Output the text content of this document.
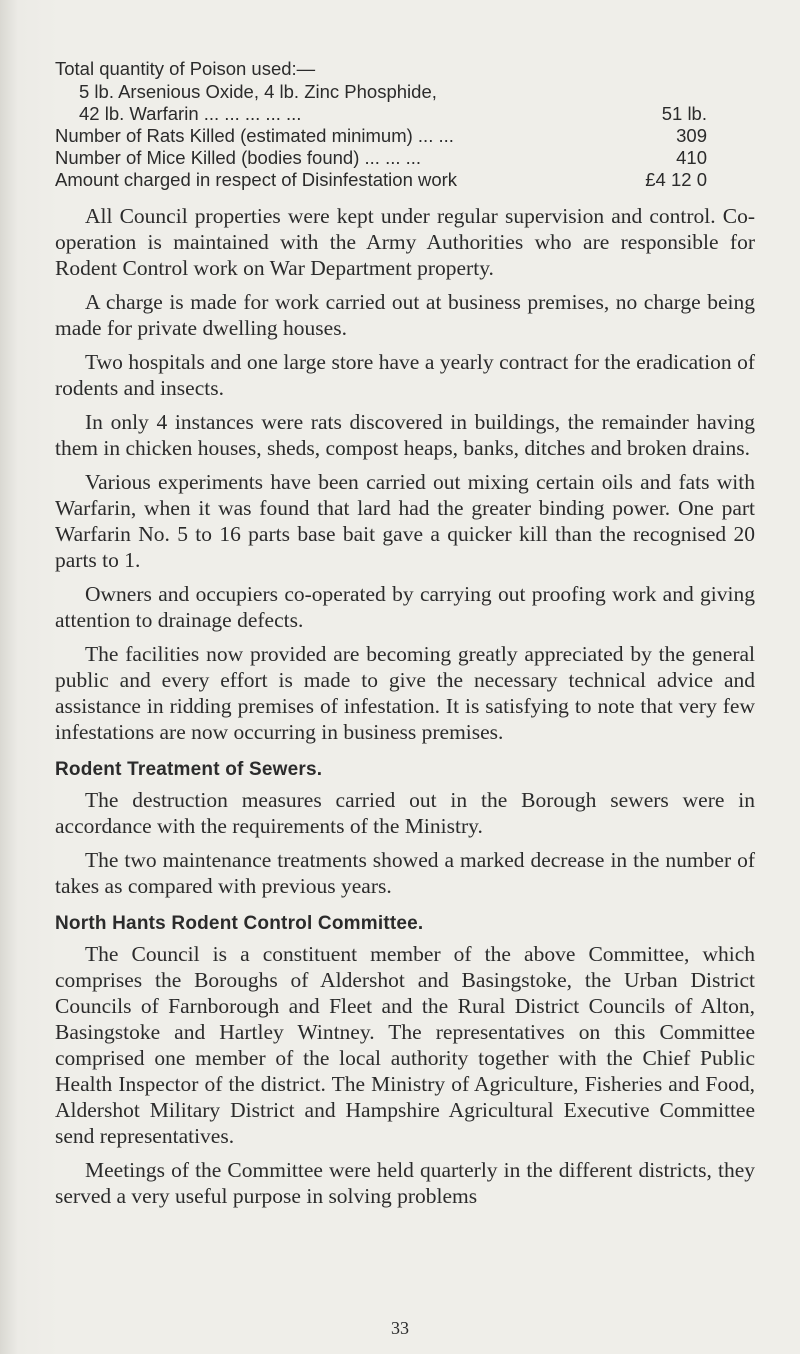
Total quantity of Poison used:—
5 lb. Arsenious Oxide, 4 lb. Zinc Phosphide,
42 lb. Warfarin ... ... ... ... ...	51 lb.
Number of Rats Killed (estimated minimum) ... ...	309
Number of Mice Killed (bodies found) ... ... ...	410
Amount charged in respect of Disinfestation work	£4 12 0

All Council properties were kept under regular supervision and control. Co-operation is maintained with the Army Authorities who are responsible for Rodent Control work on War Department property.

A charge is made for work carried out at business premises, no charge being made for private dwelling houses.

Two hospitals and one large store have a yearly contract for the eradication of rodents and insects.

In only 4 instances were rats discovered in buildings, the remainder having them in chicken houses, sheds, compost heaps, banks, ditches and broken drains.

Various experiments have been carried out mixing certain oils and fats with Warfarin, when it was found that lard had the greater binding power. One part Warfarin No. 5 to 16 parts base bait gave a quicker kill than the recognised 20 parts to 1.

Owners and occupiers co-operated by carrying out proofing work and giving attention to drainage defects.

The facilities now provided are becoming greatly appreciated by the general public and every effort is made to give the necessary technical advice and assistance in ridding premises of infestation. It is satisfying to note that very few infestations are now occurring in business premises.

Rodent Treatment of Sewers.

The destruction measures carried out in the Borough sewers were in accordance with the requirements of the Ministry.

The two maintenance treatments showed a marked decrease in the number of takes as compared with previous years.

North Hants Rodent Control Committee.

The Council is a constituent member of the above Committee, which comprises the Boroughs of Aldershot and Basingstoke, the Urban District Councils of Farnborough and Fleet and the Rural District Councils of Alton, Basingstoke and Hartley Wintney. The representatives on this Committee comprised one member of the local authority together with the Chief Public Health Inspector of the district. The Ministry of Agriculture, Fisheries and Food, Aldershot Military District and Hampshire Agricultural Executive Committee send representatives.

Meetings of the Committee were held quarterly in the different districts, they served a very useful purpose in solving problems

33
